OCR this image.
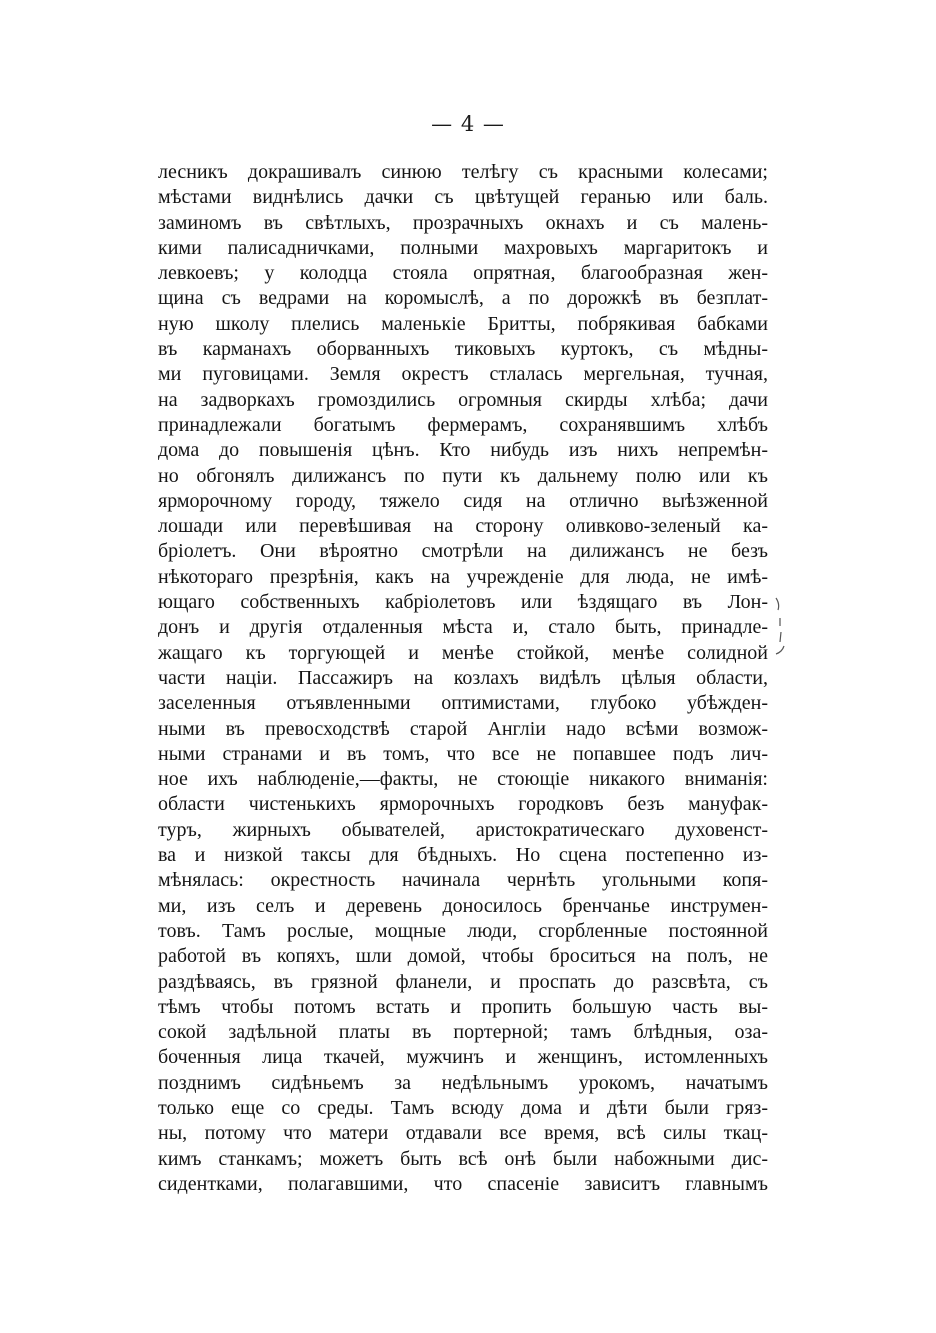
— 4 —
лесникъ докрашивалъ синюю телѣгу съ красными колесами;
мѣстами виднѣлись дачки съ цвѣтущей геранью или баль.
заминомъ въ свѣтлыхъ, прозрачныхъ окнахъ и съ малень-
кими палисадничками, полными махровыхъ маргаритокъ и
левкоевъ; у колодца стояла опрятная, благообразная жен-
щина съ ведрами на коромыслѣ, а по дорожкѣ въ безплат-
ную школу плелись маленькіе Бритты, побрякивая бабками
въ карманахъ оборванныхъ тиковыхъ куртокъ, съ мѣдны-
ми пуговицами. Земля окрестъ стлалась мергельная, тучная,
на задворкахъ громоздились огромныя скирды хлѣба; дачи
принадлежали богатымъ фермерамъ, сохранявшимъ хлѣбъ
дома до повышенія цѣнъ. Кто нибудь изъ нихъ непремѣн-
но обгонялъ дилижансъ по пути къ дальнему полю или къ
ярморочному городу, тяжело сидя на отлично выѣзженной
лошади или перевѣшивая на сторону оливково-зеленый ка-
бріолетъ. Они вѣроятно смотрѣли на дилижансъ не безъ
нѣкотораго презрѣнія, какъ на учрежденіе для люда, не имѣ-
ющаго собственныхъ кабріолетовъ или ѣздящаго въ Лон-
донъ и другія отдаленныя мѣста и, стало быть, принадле-
жащаго къ торгующей и менѣе стойкой, менѣе солидной
части націи. Пассажиръ на козлахъ видѣлъ цѣлыя области,
заселенныя отъявленными оптимистами, глубоко убѣжден-
ными въ превосходствѣ старой Англіи надо всѣми возмож-
ными странами и въ томъ, что все не попавшее подъ лич-
ное ихъ наблюденіе,—факты, не стоющіе никакого вниманія:
области чистенькихъ ярморочныхъ городковъ безъ мануфак-
туръ, жирныхъ обывателей, аристократическаго духовенст-
ва и низкой таксы для бѣдныхъ. Но сцена постепенно из-
мѣнялась: окрестность начинала чернѣть угольными копя-
ми, изъ селъ и деревень доносилось бренчанье инструмен-
товъ. Тамъ рослые, мощные люди, сгорбленные постоянной
работой въ копяхъ, шли домой, чтобы броситься на полъ, не
раздѣваясь, въ грязной фланели, и проспать до разсвѣта, съ
тѣмъ чтобы потомъ встать и пропить большую часть вы-
сокой задѣльной платы въ портерной; тамъ блѣдныя, оза-
боченныя лица ткачей, мужчинъ и женщинъ, истомленныхъ
позднимъ сидѣньемъ за недѣльнымъ урокомъ, начатымъ
только еще со среды. Тамъ всюду дома и дѣти были гряз-
ны, потому что матери отдавали все время, всѣ силы ткац-
кимъ станкамъ; можетъ быть всѣ онѣ были набожными дис-
сидентками, полагавшими, что спасеніе зависитъ главнымъ
